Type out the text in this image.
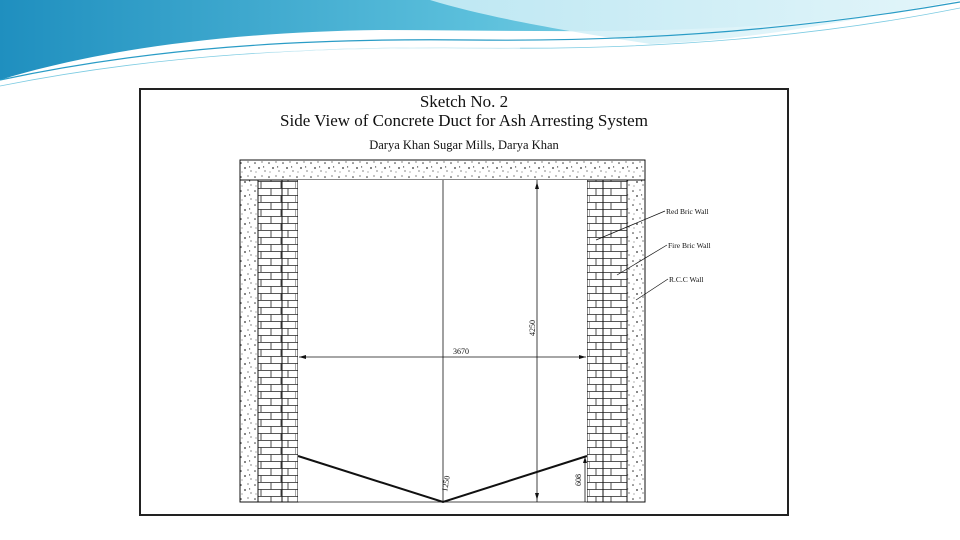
Sketch No. 2
Side View of Concrete Duct for Ash Arresting System
Darya Khan Sugar Mills, Darya Khan
4250
3670
1250	608
Red Bric Wall
Fire Bric Wall
R.C.C Wall
